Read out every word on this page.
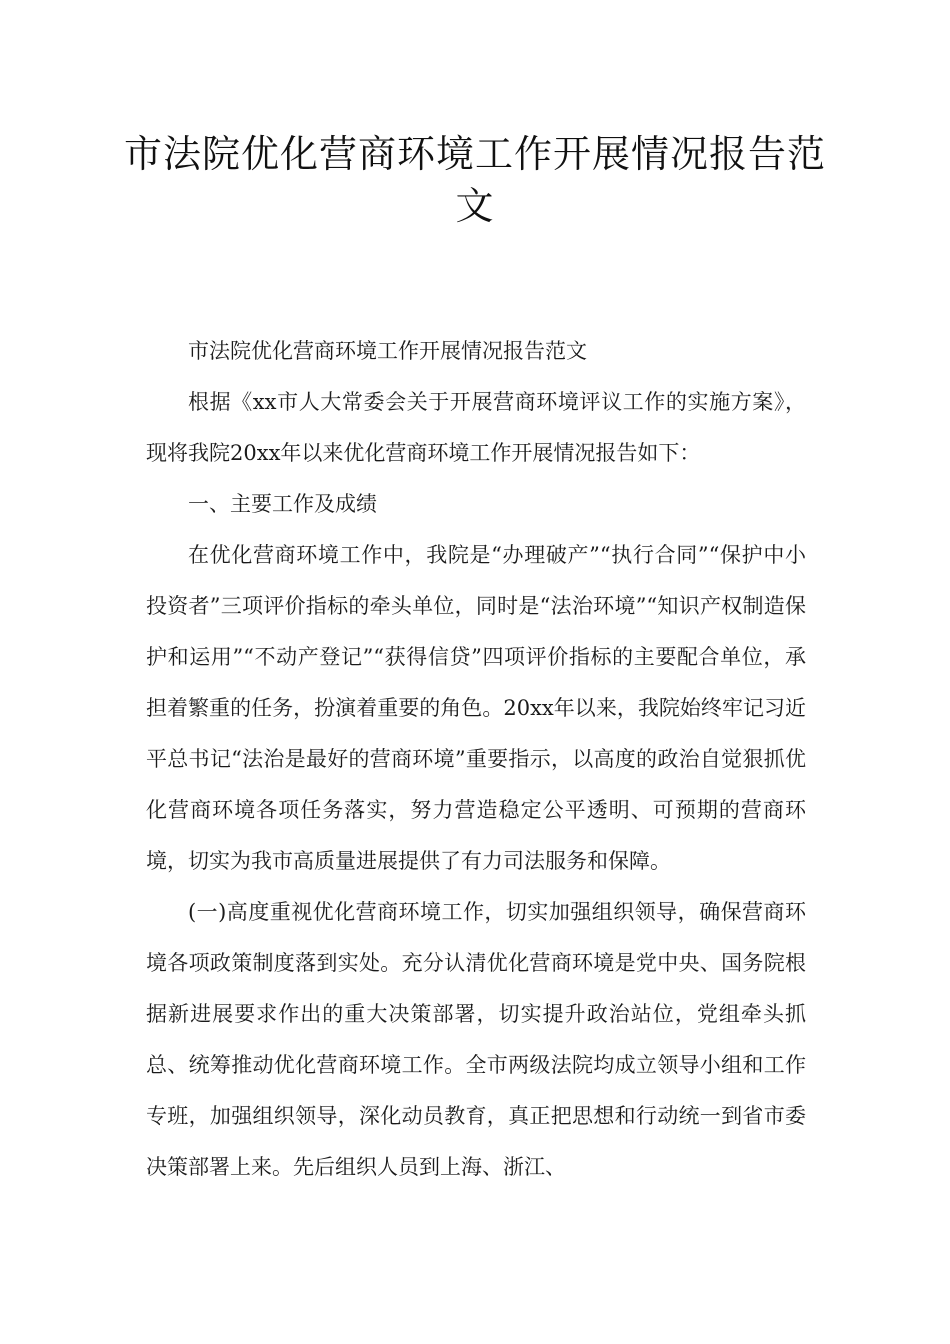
市法院优化营商环境工作开展情况报告范文

市法院优化营商环境工作开展情况报告范文

根据《xx市人大常委会关于开展营商环境评议工作的实施方案》，现将我院20xx年以来优化营商环境工作开展情况报告如下：

一、主要工作及成绩

在优化营商环境工作中，我院是“办理破产”“执行合同”“保护中小投资者”三项评价指标的牵头单位，同时是“法治环境”“知识产权制造保护和运用”“不动产登记”“获得信贷”四项评价指标的主要配合单位，承担着繁重的任务，扮演着重要的角色。20xx年以来，我院始终牢记习近平总书记“法治是最好的营商环境”重要指示，以高度的政治自觉狠抓优化营商环境各项任务落实，努力营造稳定公平透明、可预期的营商环境，切实为我市高质量进展提供了有力司法服务和保障。

(一)高度重视优化营商环境工作，切实加强组织领导，确保营商环境各项政策制度落到实处。充分认清优化营商环境是党中央、国务院根据新进展要求作出的重大决策部署，切实提升政治站位，党组牵头抓总、统筹推动优化营商环境工作。全市两级法院均成立领导小组和工作专班，加强组织领导，深化动员教育，真正把思想和行动统一到省市委决策部署上来。先后组织人员到上海、浙江、
